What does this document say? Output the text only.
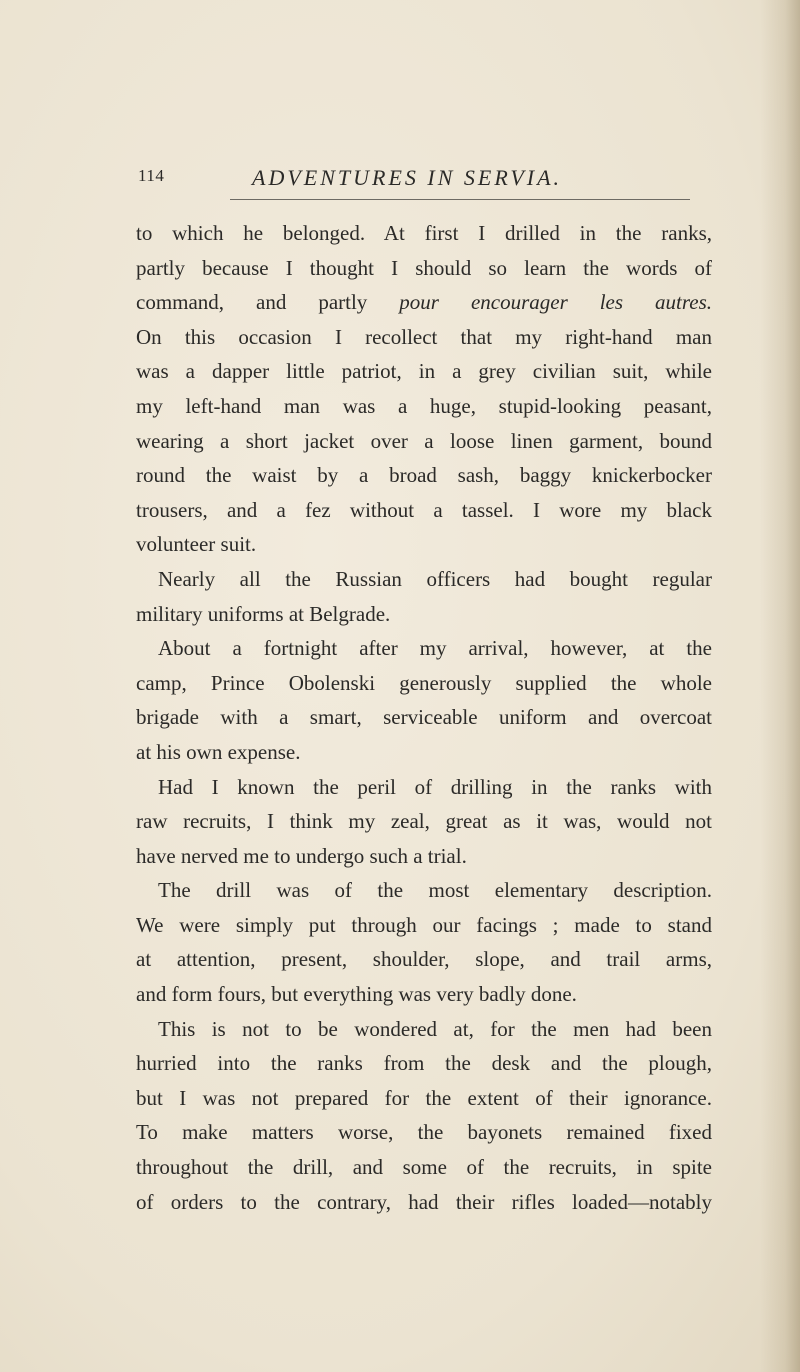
114	ADVENTURES IN SERVIA.
to which he belonged. At first I drilled in the ranks,
partly because I thought I should so learn the words of
command, and partly pour encourager les autres.
On this occasion I recollect that my right-hand man
was a dapper little patriot, in a grey civilian suit, while
my left-hand man was a huge, stupid-looking peasant,
wearing a short jacket over a loose linen garment, bound
round the waist by a broad sash, baggy knickerbocker
trousers, and a fez without a tassel. I wore my black
volunteer suit.
Nearly all the Russian officers had bought regular
military uniforms at Belgrade.
About a fortnight after my arrival, however, at the
camp, Prince Obolenski generously supplied the whole
brigade with a smart, serviceable uniform and overcoat
at his own expense.
Had I known the peril of drilling in the ranks with
raw recruits, I think my zeal, great as it was, would not
have nerved me to undergo such a trial.
The drill was of the most elementary description.
We were simply put through our facings ; made to stand
at attention, present, shoulder, slope, and trail arms,
and form fours, but everything was very badly done.
This is not to be wondered at, for the men had been
hurried into the ranks from the desk and the plough,
but I was not prepared for the extent of their ignorance.
To make matters worse, the bayonets remained fixed
throughout the drill, and some of the recruits, in spite
of orders to the contrary, had their rifles loaded—notably
